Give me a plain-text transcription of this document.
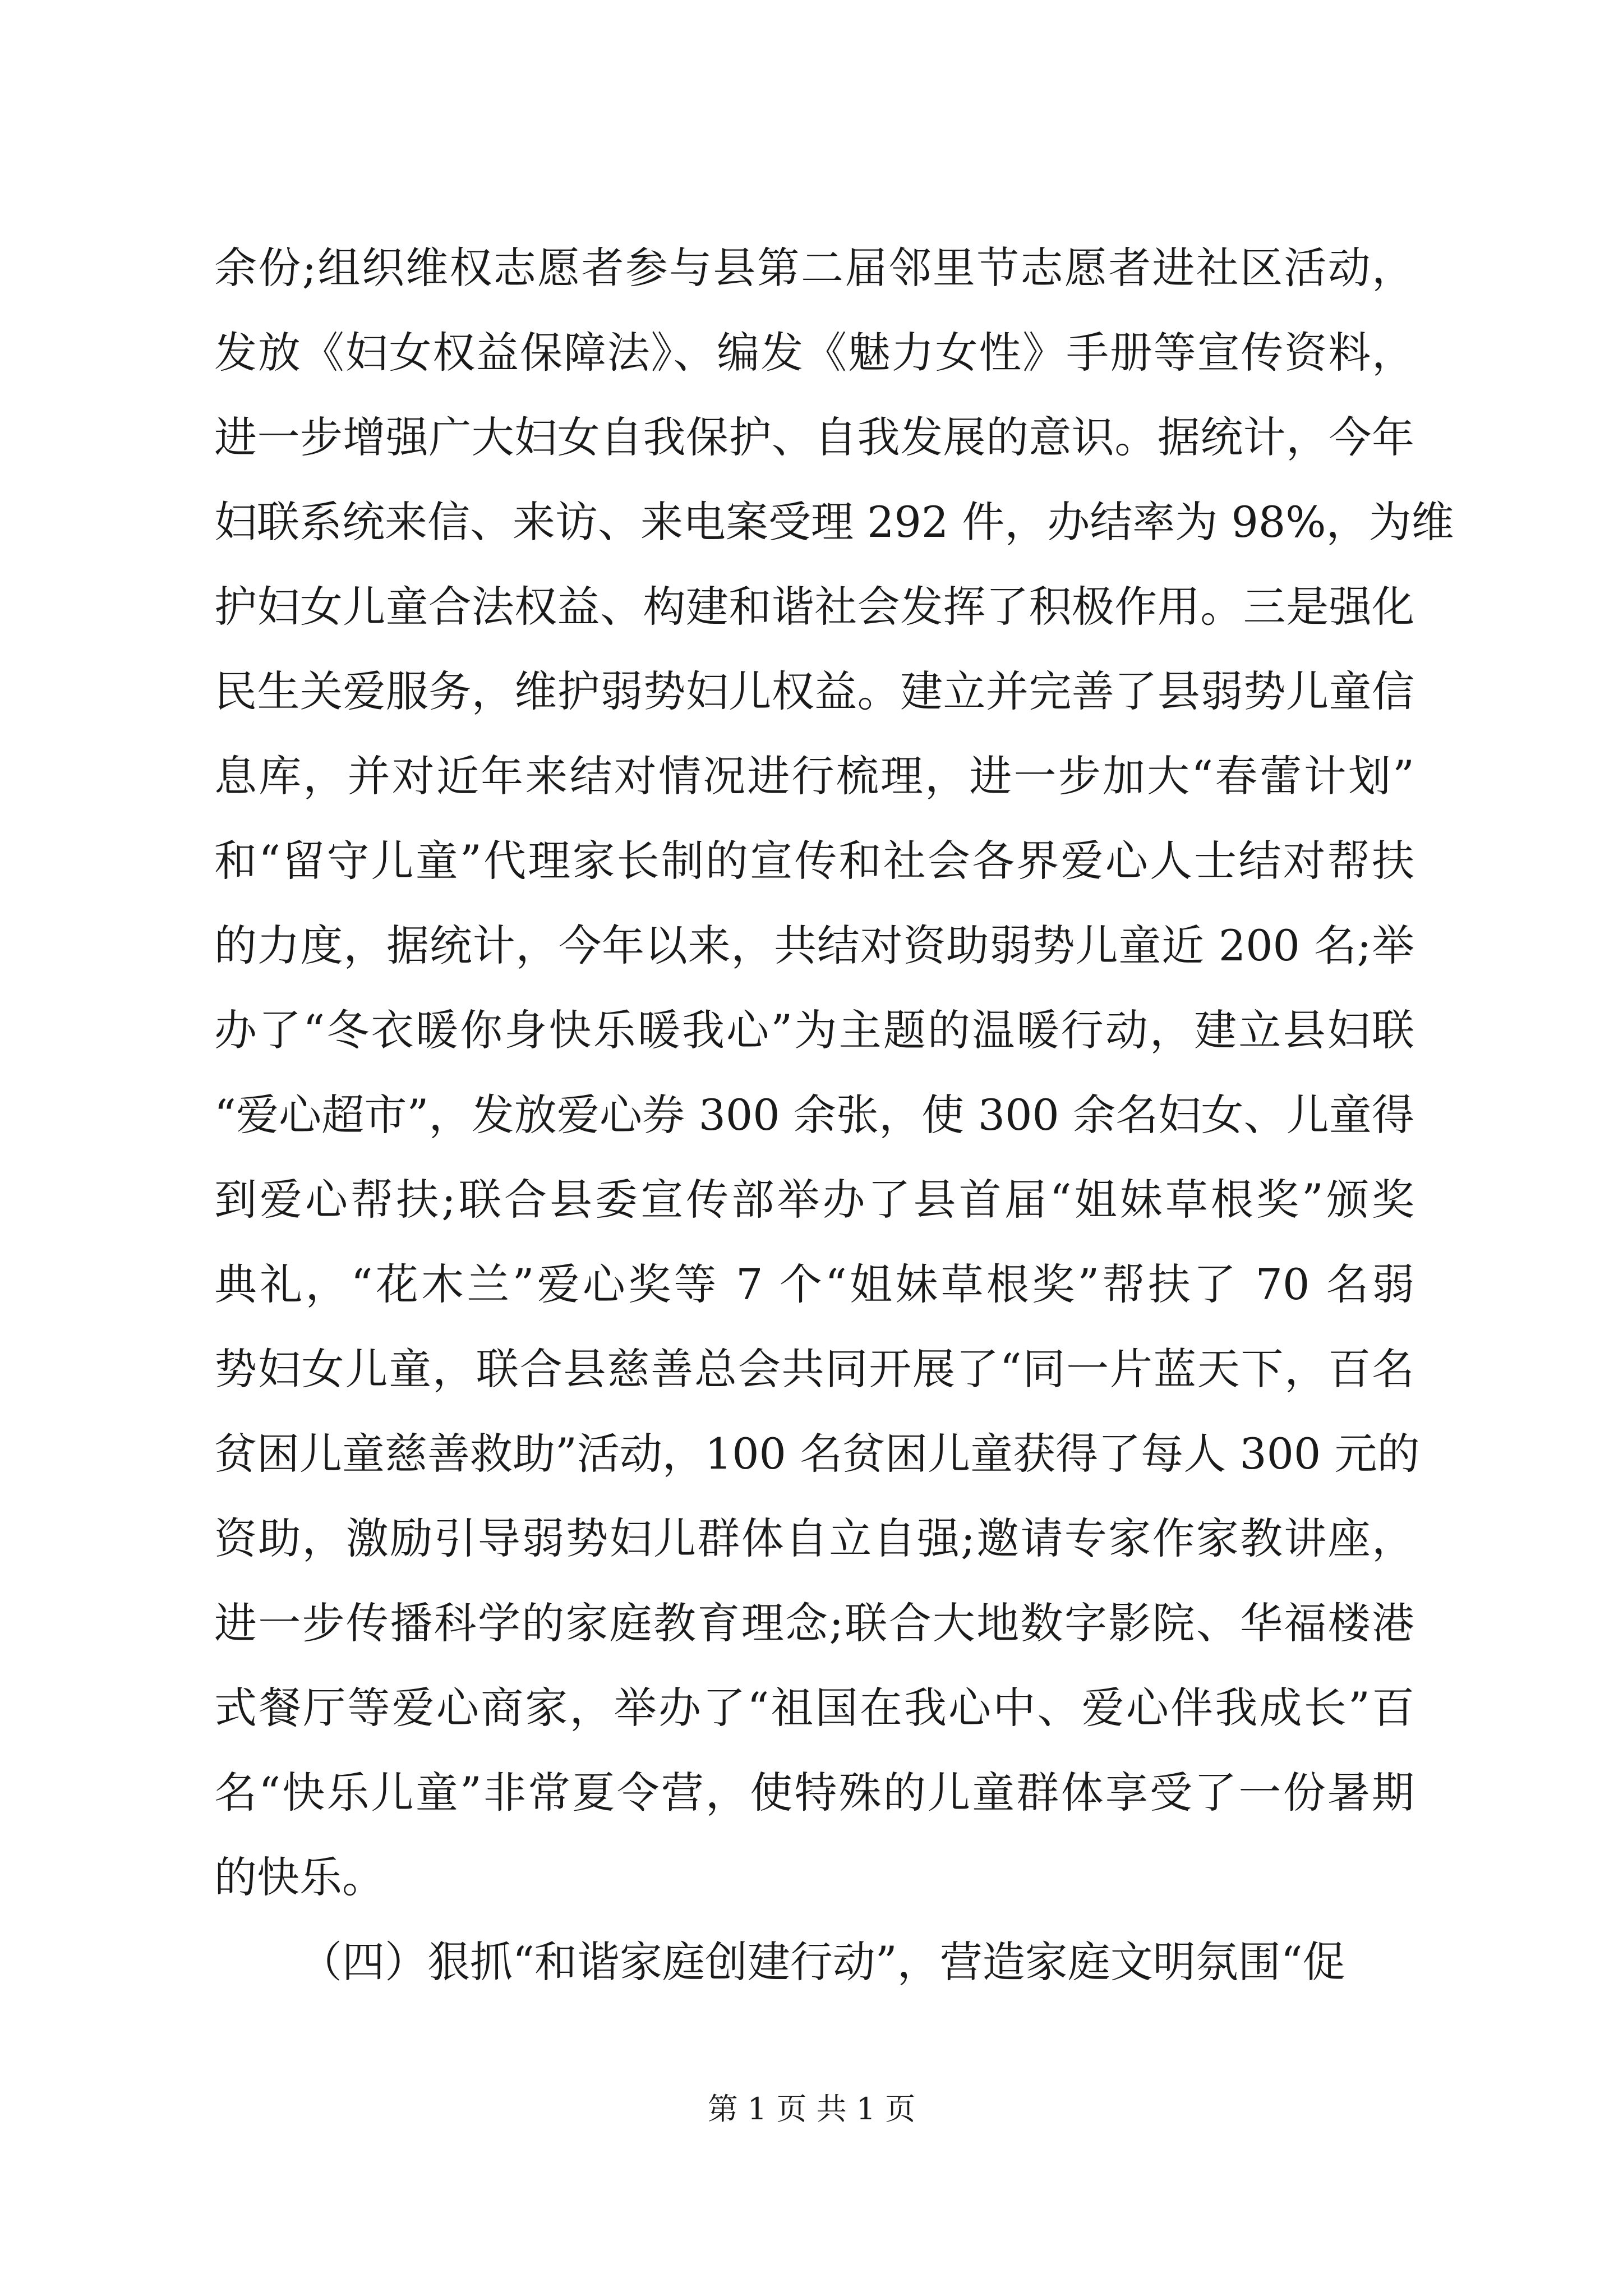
余份;组织维权志愿者参与县第二届邻里节志愿者进社区活动，
发放《妇女权益保障法》、编发《魅力女性》手册等宣传资料，
进一步增强广大妇女自我保护、自我发展的意识。据统计，今年
妇联系统来信、来访、来电案受理 292 件，办结率为 98%，为维
护妇女儿童合法权益、构建和谐社会发挥了积极作用。三是强化
民生关爱服务，维护弱势妇儿权益。建立并完善了县弱势儿童信
息库，并对近年来结对情况进行梳理，进一步加大“春蕾计划”
和“留守儿童”代理家长制的宣传和社会各界爱心人士结对帮扶
的力度，据统计，今年以来，共结对资助弱势儿童近 200 名;举
办了“冬衣暖你身快乐暖我心”为主题的温暖行动，建立县妇联
“爱心超市”，发放爱心券 300 余张，使 300 余名妇女、儿童得
到爱心帮扶;联合县委宣传部举办了县首届“姐妹草根奖”颁奖
典礼，“花木兰”爱心奖等 7 个“姐妹草根奖”帮扶了 70 名弱
势妇女儿童，联合县慈善总会共同开展了“同一片蓝天下，百名
贫困儿童慈善救助”活动，100 名贫困儿童获得了每人 300 元的
资助，激励引导弱势妇儿群体自立自强;邀请专家作家教讲座，
进一步传播科学的家庭教育理念;联合大地数字影院、华福楼港
式餐厅等爱心商家，举办了“祖国在我心中、爱心伴我成长”百
名“快乐儿童”非常夏令营，使特殊的儿童群体享受了一份暑期
的快乐。
（四）狠抓“和谐家庭创建行动”，营造家庭文明氛围“促
第 1 页 共 1 页
